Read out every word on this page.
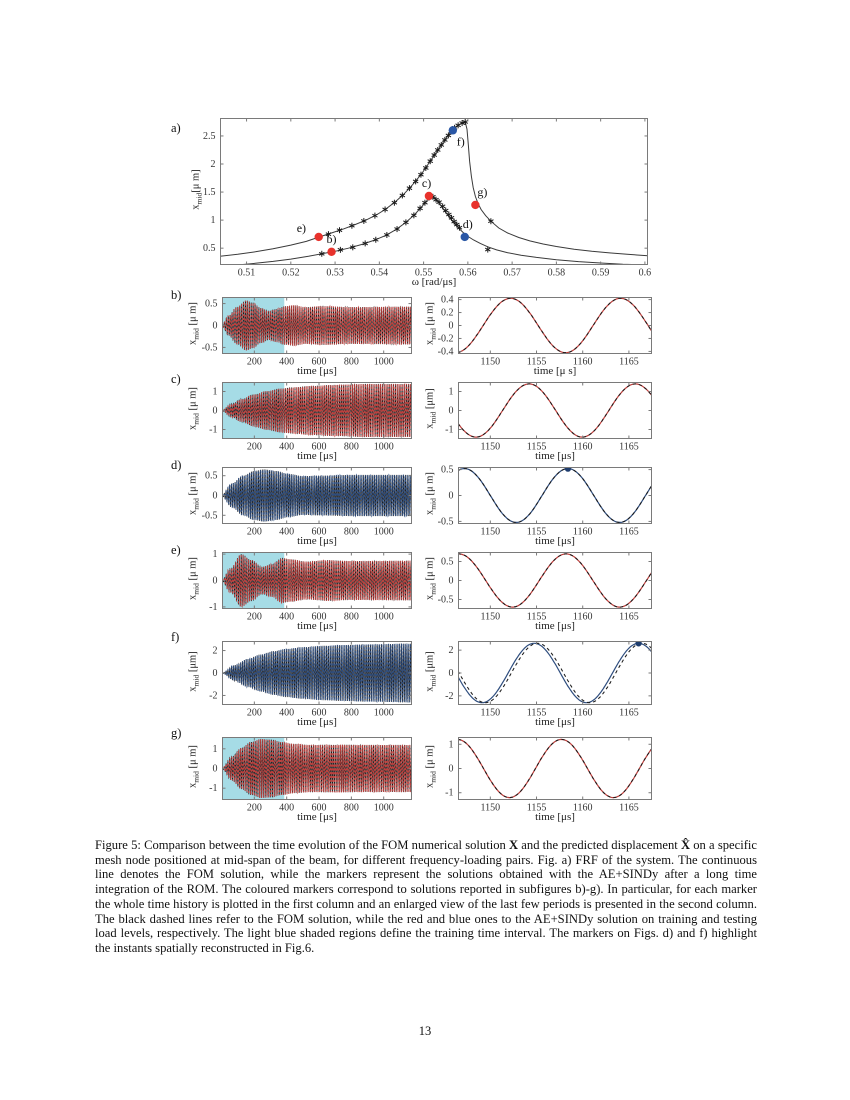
a)
0.51	0.52	0.53	0.54	0.55	0.56	0.57	0.58	0.59	0.6
0.5
1
1.5
2
2.5
e)
b)
c)
d)
f)
g)
$x_{mid}[\mu$ m]
ω [rad/μs]
b)
200 400 600 800 1000
0.5
0
-0.5
$x_{mid}$ [μ m]
time [μs]
1150	1155	1160	1165
0.4
0.2
0
-0.2
-0.4
$x_{mid}$ [μ m]
time [μ s]
c)
200 400 600 800 1000
1
0
-1
$x_{mid}$ [μ m]
time [μs]
1150	1155	1160	1165
1
0
-1
$x_{mid}$ [μm]
time [μs]
d)
200 400 600 800 1000
0.5
0
-0.5
$x_{mid}$ [μ m]
time [μs]
1150	1155	1160	1165
0.5
0
-0.5
$x_{mid}$ [μ m]
time [μs]
e)
200 400 600 800 1000
1
0
-1
$x_{mid}$ [μ m]
time [μs]
1150	1155	1160	1165
0.5
0
-0.5
$x_{mid}$ [μ m]
time [μs]
f)
200 400 600 800 1000
2
0
-2
$x_{mid}$ [μm]
time [μs]
1150	1155	1160	1165
2
0
-2
$x_{mid}$ [μm]
time [μs]
g)
200 400 600 800 1000
1
0
-1
$x_{mid}$ [μ m]
time [μs]
1150	1155	1160	1165
1
0
-1
$x_{mid}$ [μ m]
time [μs]

Figure 5: Comparison between the time evolution of the FOM numerical solution X and the predicted displacement X̂ on a specific mesh node positioned at mid-span of the beam, for different frequency-loading pairs. Fig. a) FRF of the system. The continuous line denotes the FOM solution, while the markers represent the solutions obtained with the AE+SINDy after a long time integration of the ROM. The coloured markers correspond to solutions reported in subfigures b)-g). In particular, for each marker the whole time history is plotted in the first column and an enlarged view of the last few periods is presented in the second column. The black dashed lines refer to the FOM solution, while the red and blue ones to the AE+SINDy solution on training and testing load levels, respectively. The light blue shaded regions define the training time interval. The markers on Figs. d) and f) highlight the instants spatially reconstructed in Fig.6.

13
